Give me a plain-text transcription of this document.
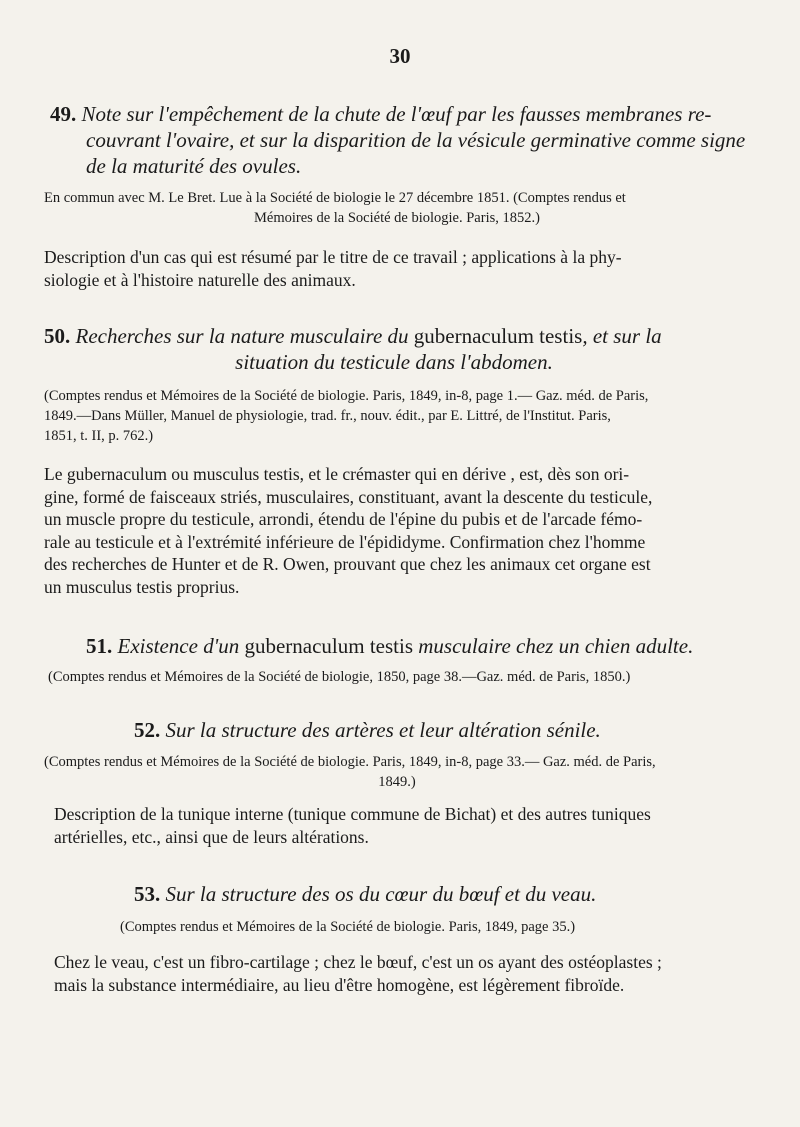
30
49. Note sur l'empêchement de la chute de l'œuf par les fausses membranes re-
couvrant l'ovaire, et sur la disparition de la vésicule germinative comme signe
de la maturité des ovules.
En commun avec M. Le Bret. Lue à la Société de biologie le 27 décembre 1851. (Comptes rendus et
Mémoires de la Société de biologie. Paris, 1852.)
Description d'un cas qui est résumé par le titre de ce travail ; applications à la phy-
siologie et à l'histoire naturelle des animaux.
50. Recherches sur la nature musculaire du gubernaculum testis, et sur la
situation du testicule dans l'abdomen.
(Comptes rendus et Mémoires de la Société de biologie. Paris, 1849, in-8, page 1.— Gaz. méd. de Paris,
1849.—Dans Müller, Manuel de physiologie, trad. fr., nouv. édit., par E. Littré, de l'Institut. Paris,
1851, t. II, p. 762.)
Le gubernaculum ou musculus testis, et le crémaster qui en dérive , est, dès son ori-
gine, formé de faisceaux striés, musculaires, constituant, avant la descente du testicule,
un muscle propre du testicule, arrondi, étendu de l'épine du pubis et de l'arcade fémo-
rale au testicule et à l'extrémité inférieure de l'épididyme. Confirmation chez l'homme
des recherches de Hunter et de R. Owen, prouvant que chez les animaux cet organe est
un musculus testis proprius.
51. Existence d'un gubernaculum testis musculaire chez un chien adulte.
(Comptes rendus et Mémoires de la Société de biologie, 1850, page 38.—Gaz. méd. de Paris, 1850.)
52. Sur la structure des artères et leur altération sénile.
(Comptes rendus et Mémoires de la Société de biologie. Paris, 1849, in-8, page 33.— Gaz. méd. de Paris,
1849.)
Description de la tunique interne (tunique commune de Bichat) et des autres tuniques
artérielles, etc., ainsi que de leurs altérations.
53. Sur la structure des os du cœur du bœuf et du veau.
(Comptes rendus et Mémoires de la Société de biologie. Paris, 1849, page 35.)
Chez le veau, c'est un fibro-cartilage ; chez le bœuf, c'est un os ayant des ostéoplastes ;
mais la substance intermédiaire, au lieu d'être homogène, est légèrement fibroïde.
